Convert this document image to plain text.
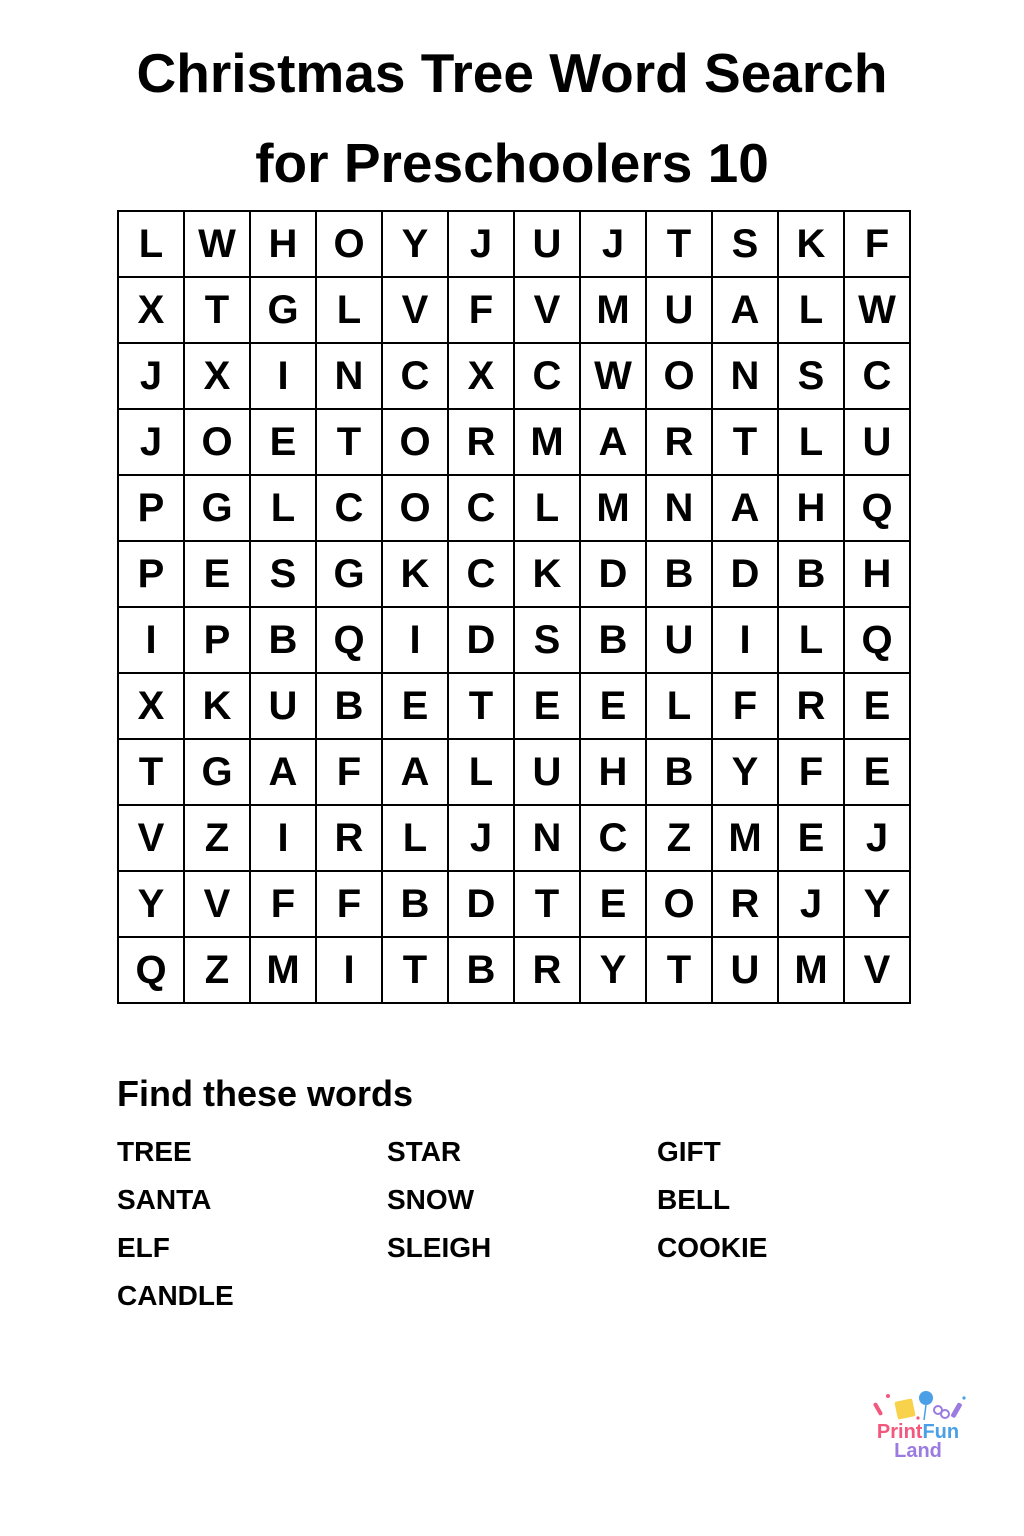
Christmas Tree Word Search
for Preschoolers 10
L	W	H	O	Y	J	U	J	T	S	K	F
X	T	G	L	V	F	V	M	U	A	L	W
J	X	I	N	C	X	C	W	O	N	S	C
J	O	E	T	O	R	M	A	R	T	L	U
P	G	L	C	O	C	L	M	N	A	H	Q
P	E	S	G	K	C	K	D	B	D	B	H
I	P	B	Q	I	D	S	B	U	I	L	Q
X	K	U	B	E	T	E	E	L	F	R	E
T	G	A	F	A	L	U	H	B	Y	F	E
V	Z	I	R	L	J	N	C	Z	M	E	J
Y	V	F	F	B	D	T	E	O	R	J	Y
Q	Z	M	I	T	B	R	Y	T	U	M	V
Find these words
TREE	STAR	GIFT
SANTA	SNOW	BELL
ELF	SLEIGH	COOKIE
CANDLE
PrintFun
Land
